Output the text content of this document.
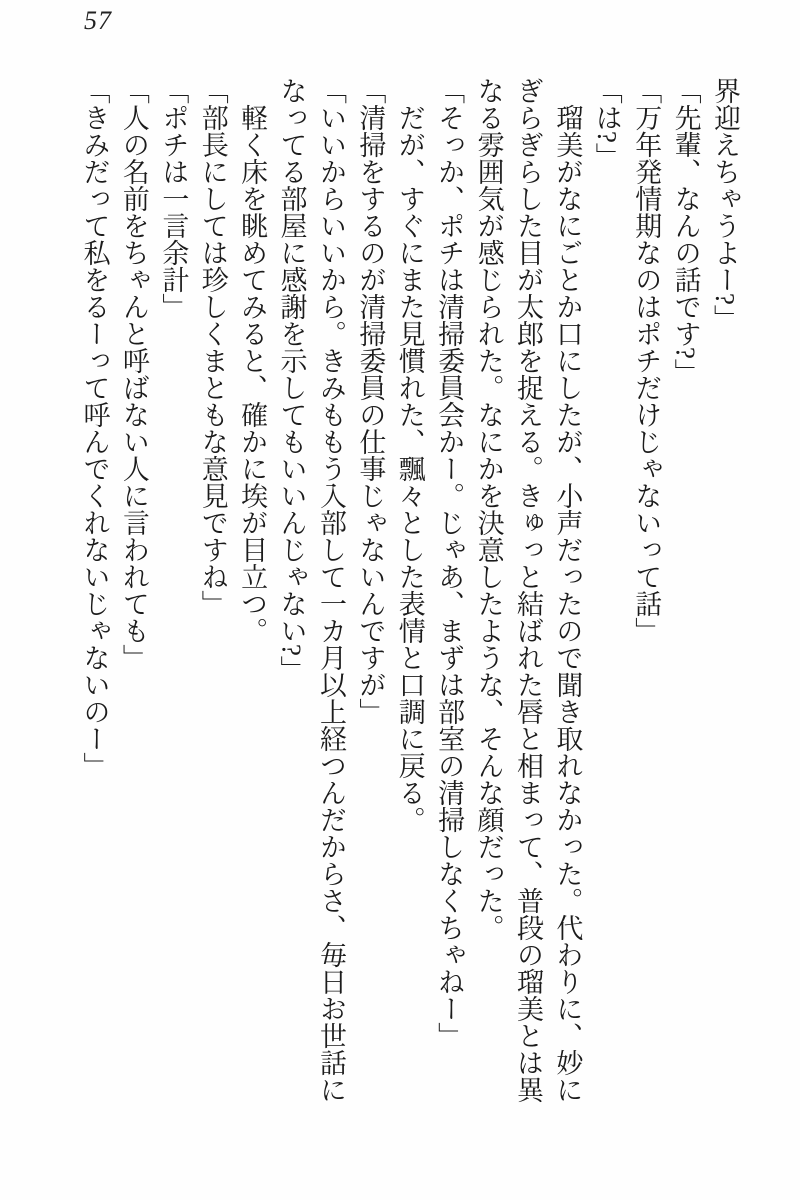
57

界迎えちゃうよー?」

「先輩、なんの話です?」

「万年発情期なのはポチだけじゃないって話」

「は?」

瑠美がなにごとか口にしたが、小声だったので聞き取れなかった。代わりに、妙にぎらぎらした目が太郎を捉える。きゅっと結ばれた唇と相まって、普段の瑠美とは異なる雰囲気が感じられた。なにかを決意したような、そんな顔だった。

「そっか、ポチは清掃委員会かー。じゃあ、まずは部室の清掃しなくちゃねー」

だが、すぐにまた見慣れた、飄々とした表情と口調に戻る。

「清掃をするのが清掃委員の仕事じゃないんですが」

「いいからいいから。きみももう入部して一カ月以上経つんだからさ、毎日お世話になってる部屋に感謝を示してもいいんじゃない?」

軽く床を眺めてみると、確かに埃が目立つ。

「部長にしては珍しくまともな意見ですね」

「ポチは一言余計」

「人の名前をちゃんと呼ばない人に言われても」

「きみだって私をるーって呼んでくれないじゃないのー」
